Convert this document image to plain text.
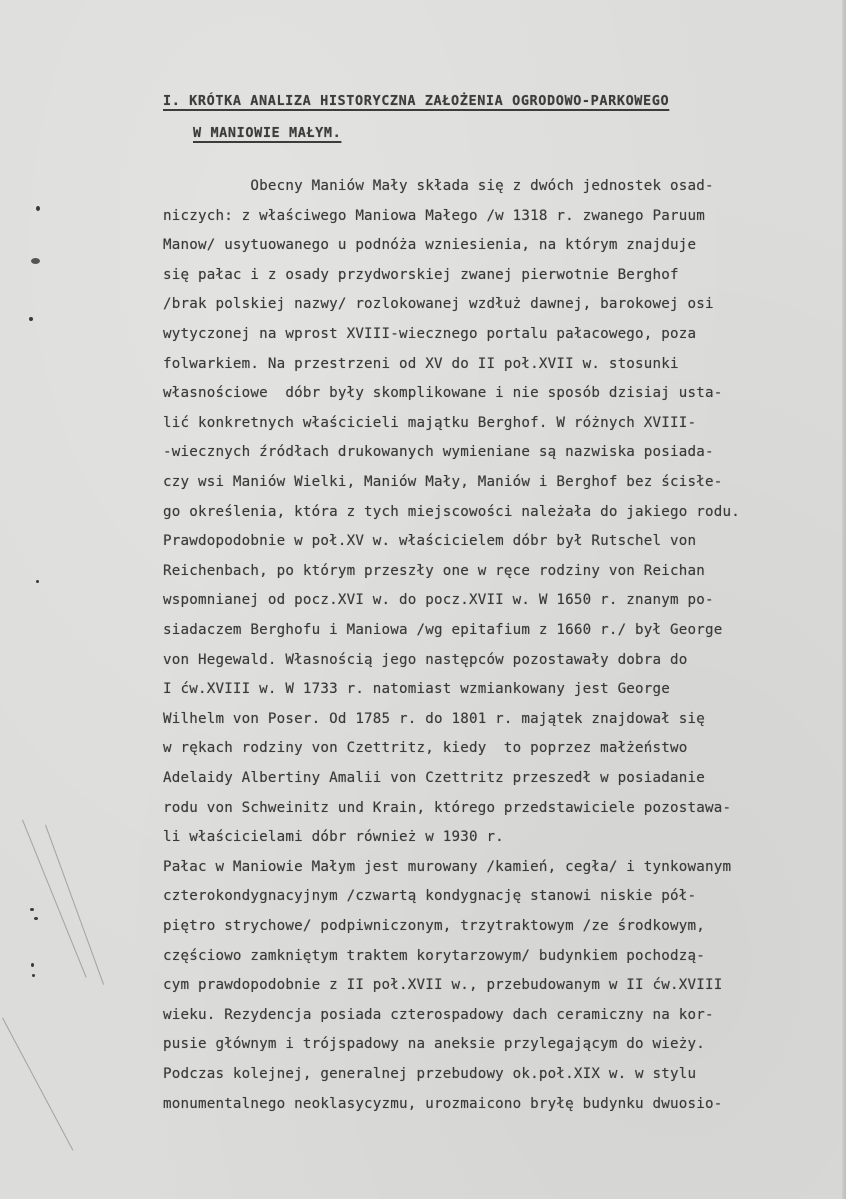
I. KRÓTKA ANALIZA HISTORYCZNA ZAŁOŻENIA OGRODOWO-PARKOWEGO
W MANIOWIE MAŁYM.
Obecny Maniów Mały składa się z dwóch jednostek osad-
niczych: z właściwego Maniowa Małego /w 1318 r. zwanego Paruum
Manow/ usytuowanego u podnóża wzniesienia, na którym znajduje
się pałac i z osady przydworskiej zwanej pierwotnie Berghof
/brak polskiej nazwy/ rozlokowanej wzdłuż dawnej, barokowej osi
wytyczonej na wprost XVIII-wiecznego portalu pałacowego, poza
folwarkiem. Na przestrzeni od XV do II poł.XVII w. stosunki
własnościowe  dóbr były skomplikowane i nie sposób dzisiaj usta-
lić konkretnych właścicieli majątku Berghof. W różnych XVIII-
-wiecznych źródłach drukowanych wymieniane są nazwiska posiada-
czy wsi Maniów Wielki, Maniów Mały, Maniów i Berghof bez ścisłe-
go określenia, która z tych miejscowości należała do jakiego rodu.
Prawdopodobnie w poł.XV w. właścicielem dóbr był Rutschel von
Reichenbach, po którym przeszły one w ręce rodziny von Reichan
wspomnianej od pocz.XVI w. do pocz.XVII w. W 1650 r. znanym po-
siadaczem Berghofu i Maniowa /wg epitafium z 1660 r./ był George
von Hegewald. Własnością jego następców pozostawały dobra do
I ćw.XVIII w. W 1733 r. natomiast wzmiankowany jest George
Wilhelm von Poser. Od 1785 r. do 1801 r. majątek znajdował się
w rękach rodziny von Czettritz, kiedy  to poprzez małżeństwo
Adelaidy Albertiny Amalii von Czettritz przeszedł w posiadanie
rodu von Schweinitz und Krain, którego przedstawiciele pozostawa-
li właścicielami dóbr również w 1930 r.
Pałac w Maniowie Małym jest murowany /kamień, cegła/ i tynkowanym
czterokondygnacyjnym /czwartą kondygnację stanowi niskie pół-
piętro strychowe/ podpiwniczonym, trzytraktowym /ze środkowym,
częściowo zamkniętym traktem korytarzowym/ budynkiem pochodzą-
cym prawdopodobnie z II poł.XVII w., przebudowanym w II ćw.XVIII
wieku. Rezydencja posiada czterospadowy dach ceramiczny na kor-
pusie głównym i trójspadowy na aneksie przylegającym do wieży.
Podczas kolejnej, generalnej przebudowy ok.poł.XIX w. w stylu
monumentalnego neoklasycyzmu, urozmaicono bryłę budynku dwuosio-
